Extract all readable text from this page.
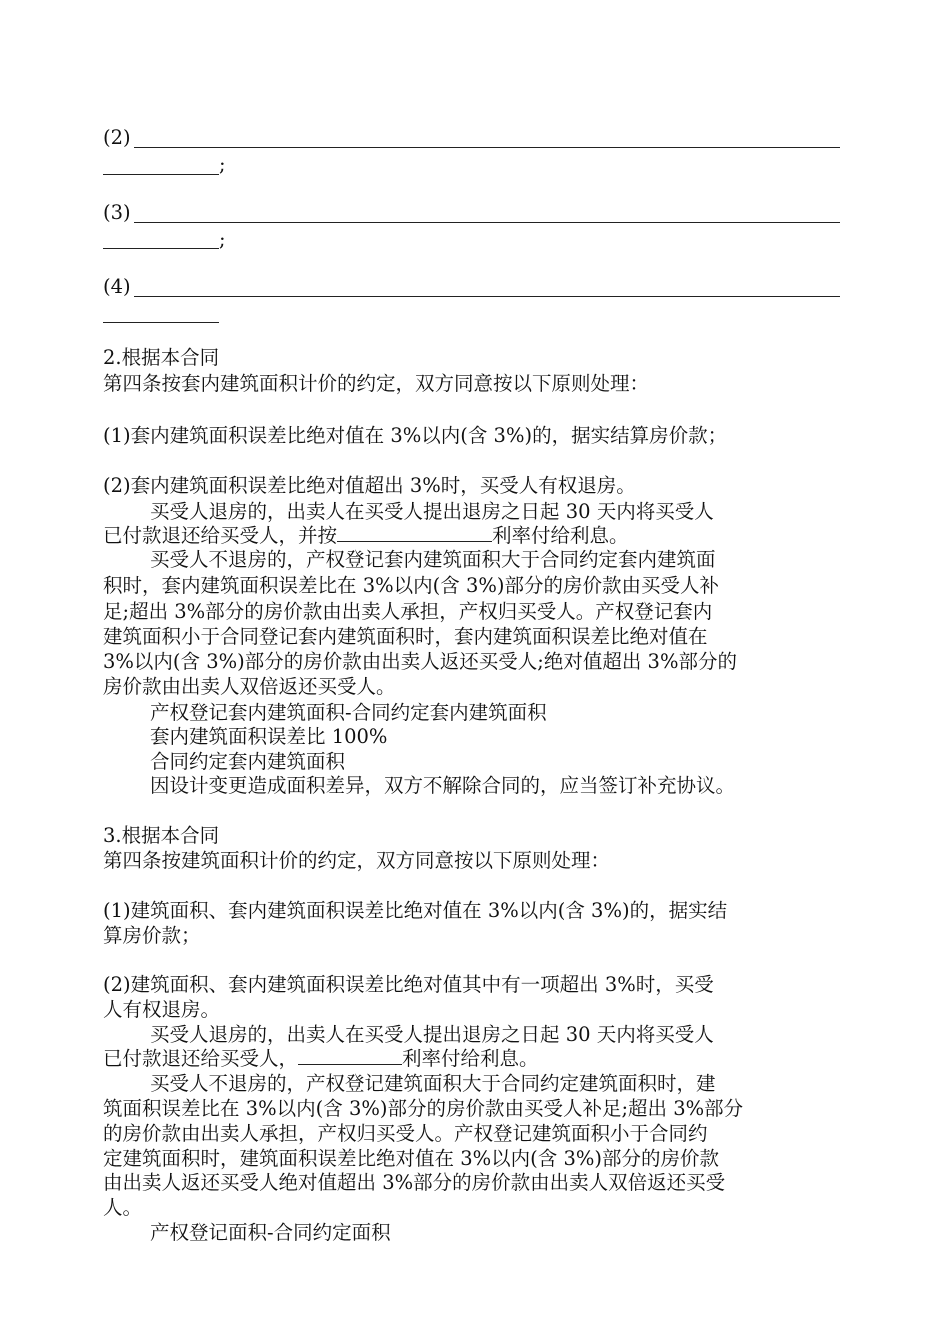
(2)
;
(3)
;
(4)
2.根据本合同
第四条按套内建筑面积计价的约定，双方同意按以下原则处理：
(1)套内建筑面积误差比绝对值在 3%以内(含 3%)的，据实结算房价款；
(2)套内建筑面积误差比绝对值超出 3%时，买受人有权退房。
买受人退房的，出卖人在买受人提出退房之日起 30 天内将买受人
已付款退还给买受人，并按	利率付给利息。
买受人不退房的，产权登记套内建筑面积大于合同约定套内建筑面
积时，套内建筑面积误差比在 3%以内(含 3%)部分的房价款由买受人补
足;超出 3%部分的房价款由出卖人承担，产权归买受人。产权登记套内
建筑面积小于合同登记套内建筑面积时，套内建筑面积误差比绝对值在
3%以内(含 3%)部分的房价款由出卖人返还买受人;绝对值超出 3%部分的
房价款由出卖人双倍返还买受人。
产权登记套内建筑面积-合同约定套内建筑面积
套内建筑面积误差比 100%
合同约定套内建筑面积
因设计变更造成面积差异，双方不解除合同的，应当签订补充协议。
3.根据本合同
第四条按建筑面积计价的约定，双方同意按以下原则处理：
(1)建筑面积、套内建筑面积误差比绝对值在 3%以内(含 3%)的，据实结
算房价款；
(2)建筑面积、套内建筑面积误差比绝对值其中有一项超出 3%时，买受
人有权退房。
买受人退房的，出卖人在买受人提出退房之日起 30 天内将买受人
已付款退还给买受人，	利率付给利息。
买受人不退房的，产权登记建筑面积大于合同约定建筑面积时，建
筑面积误差比在 3%以内(含 3%)部分的房价款由买受人补足;超出 3%部分
的房价款由出卖人承担，产权归买受人。产权登记建筑面积小于合同约
定建筑面积时，建筑面积误差比绝对值在 3%以内(含 3%)部分的房价款
由出卖人返还买受人绝对值超出 3%部分的房价款由出卖人双倍返还买受
人。
产权登记面积-合同约定面积
